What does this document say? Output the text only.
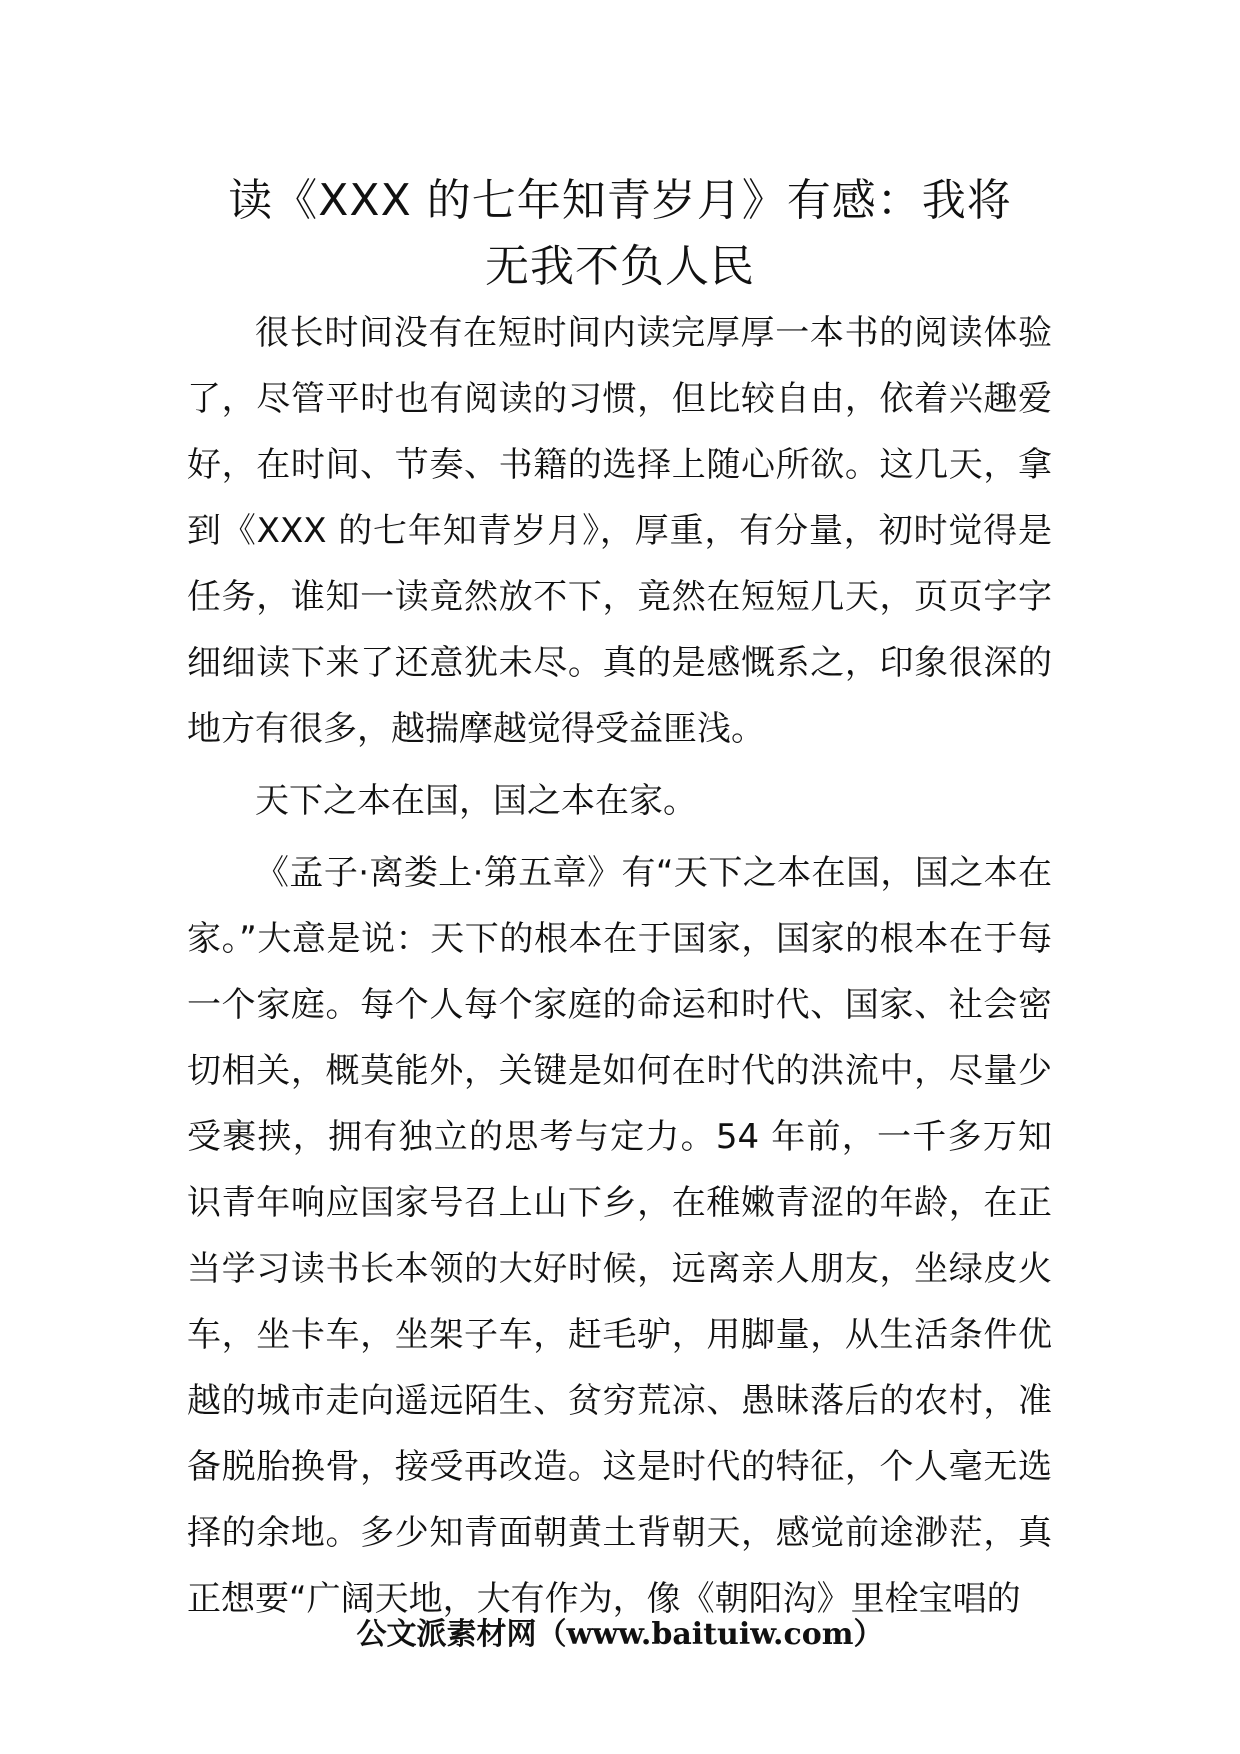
读《XXX 的七年知青岁月》有感：我将
无我不负人民

很长时间没有在短时间内读完厚厚一本书的阅读体验了，尽管平时也有阅读的习惯，但比较自由，依着兴趣爱好，在时间、节奏、书籍的选择上随心所欲。这几天，拿到《XXX 的七年知青岁月》，厚重，有分量，初时觉得是任务，谁知一读竟然放不下，竟然在短短几天，页页字字细细读下来了还意犹未尽。真的是感慨系之，印象很深的地方有很多，越揣摩越觉得受益匪浅。

天下之本在国，国之本在家。

《孟子·离娄上·第五章》有“天下之本在国，国之本在家。”大意是说：天下的根本在于国家，国家的根本在于每一个家庭。每个人每个家庭的命运和时代、国家、社会密切相关，概莫能外，关键是如何在时代的洪流中，尽量少受裹挟，拥有独立的思考与定力。54 年前，一千多万知识青年响应国家号召上山下乡，在稚嫩青涩的年龄，在正当学习读书长本领的大好时候，远离亲人朋友，坐绿皮火车，坐卡车，坐架子车，赶毛驴，用脚量，从生活条件优越的城市走向遥远陌生、贫穷荒凉、愚昧落后的农村，准备脱胎换骨，接受再改造。这是时代的特征，个人毫无选择的余地。多少知青面朝黄土背朝天，感觉前途渺茫，真正想要“广阔天地，大有作为，像《朝阳沟》里栓宝唱的

公文派素材网（www.baituiw.com）
